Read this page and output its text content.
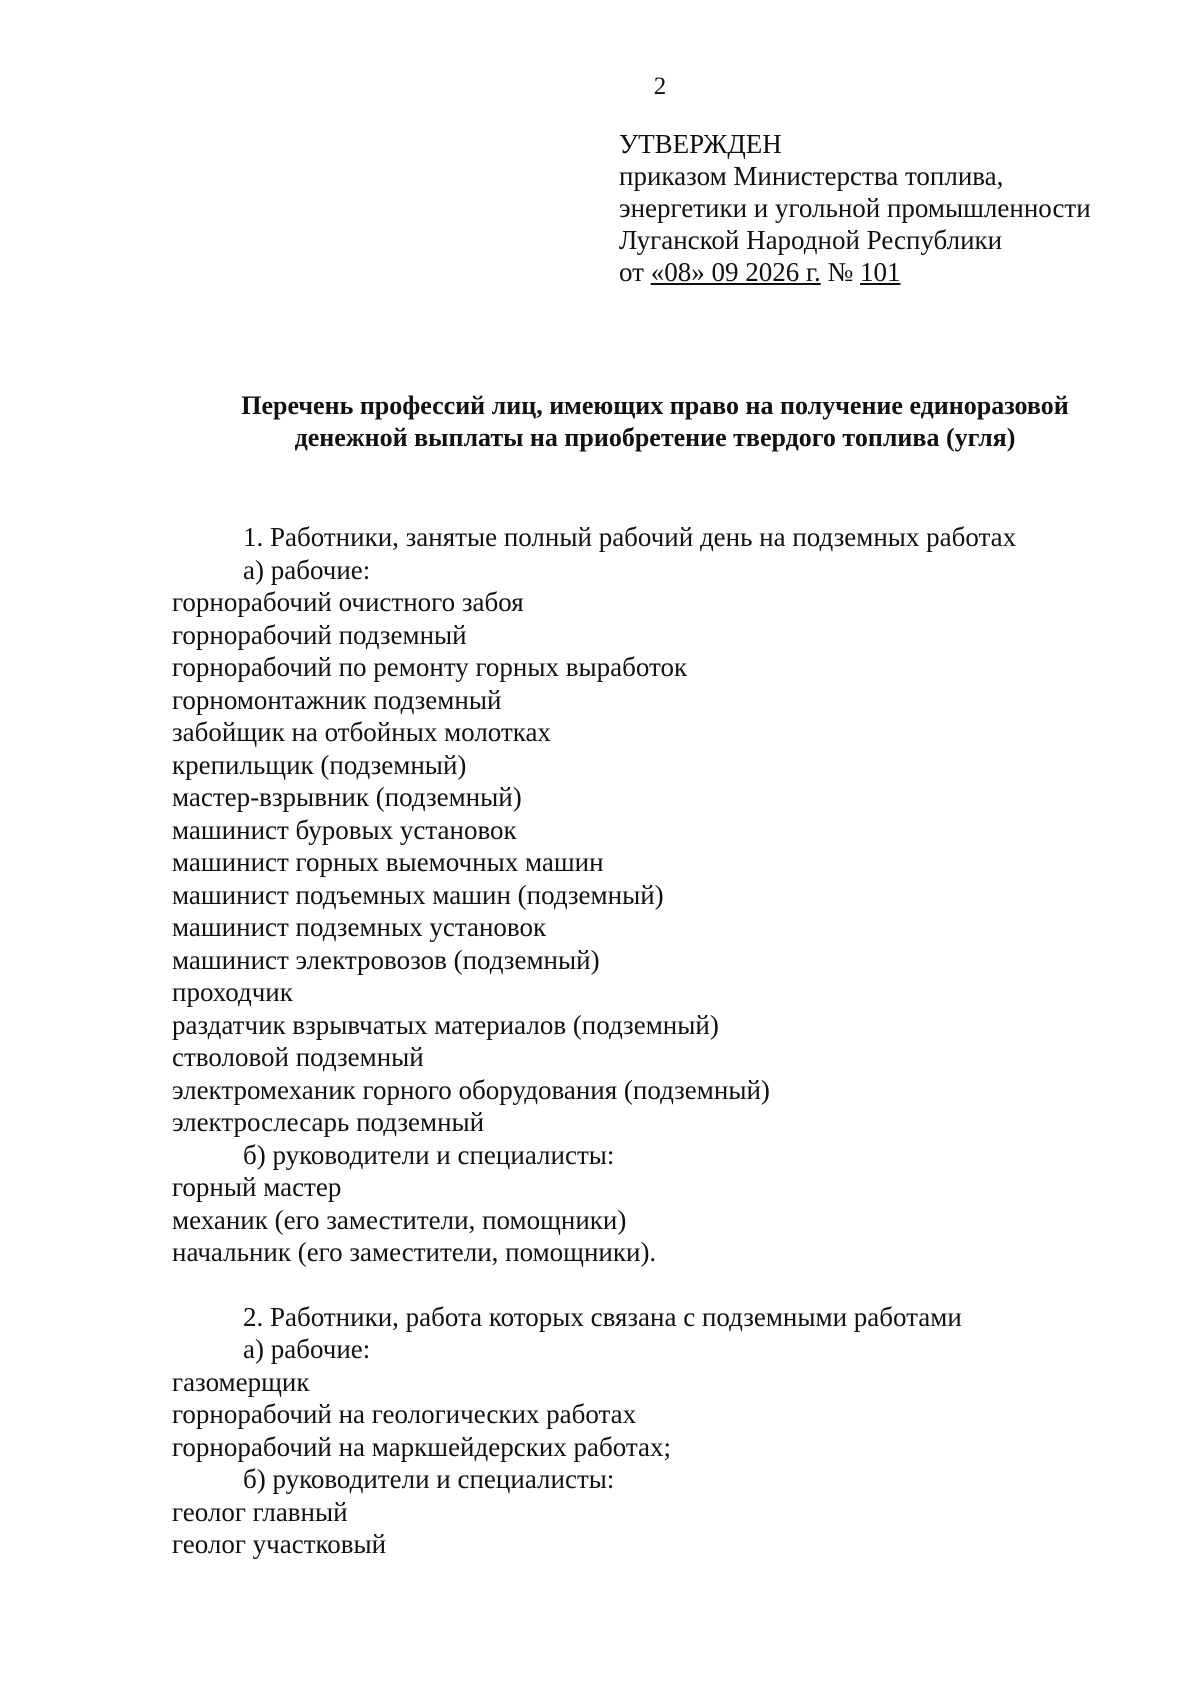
2
УТВЕРЖДЕН
приказом Министерства топлива,
энергетики и угольной промышленности
Луганской Народной Республики
от «08» 09 2026 г. № 101
Перечень профессий лиц, имеющих право на получение единоразовой
денежной выплаты на приобретение твердого топлива (угля)
1. Работники, занятые полный рабочий день на подземных работах
а) рабочие:
горнорабочий очистного забоя
горнорабочий подземный
горнорабочий по ремонту горных выработок
горномонтажник подземный
забойщик на отбойных молотках
крепильщик (подземный)
мастер-взрывник (подземный)
машинист буровых установок
машинист горных выемочных машин
машинист подъемных машин (подземный)
машинист подземных установок
машинист электровозов (подземный)
проходчик
раздатчик взрывчатых материалов (подземный)
стволовой подземный
электромеханик горного оборудования (подземный)
электрослесарь подземный
б) руководители и специалисты:
горный мастер
механик (его заместители, помощники)
начальник (его заместители, помощники).
2. Работники, работа которых связана с подземными работами
а) рабочие:
газомерщик
горнорабочий на геологических работах
горнорабочий на маркшейдерских работах;
б) руководители и специалисты:
геолог главный
геолог участковый
